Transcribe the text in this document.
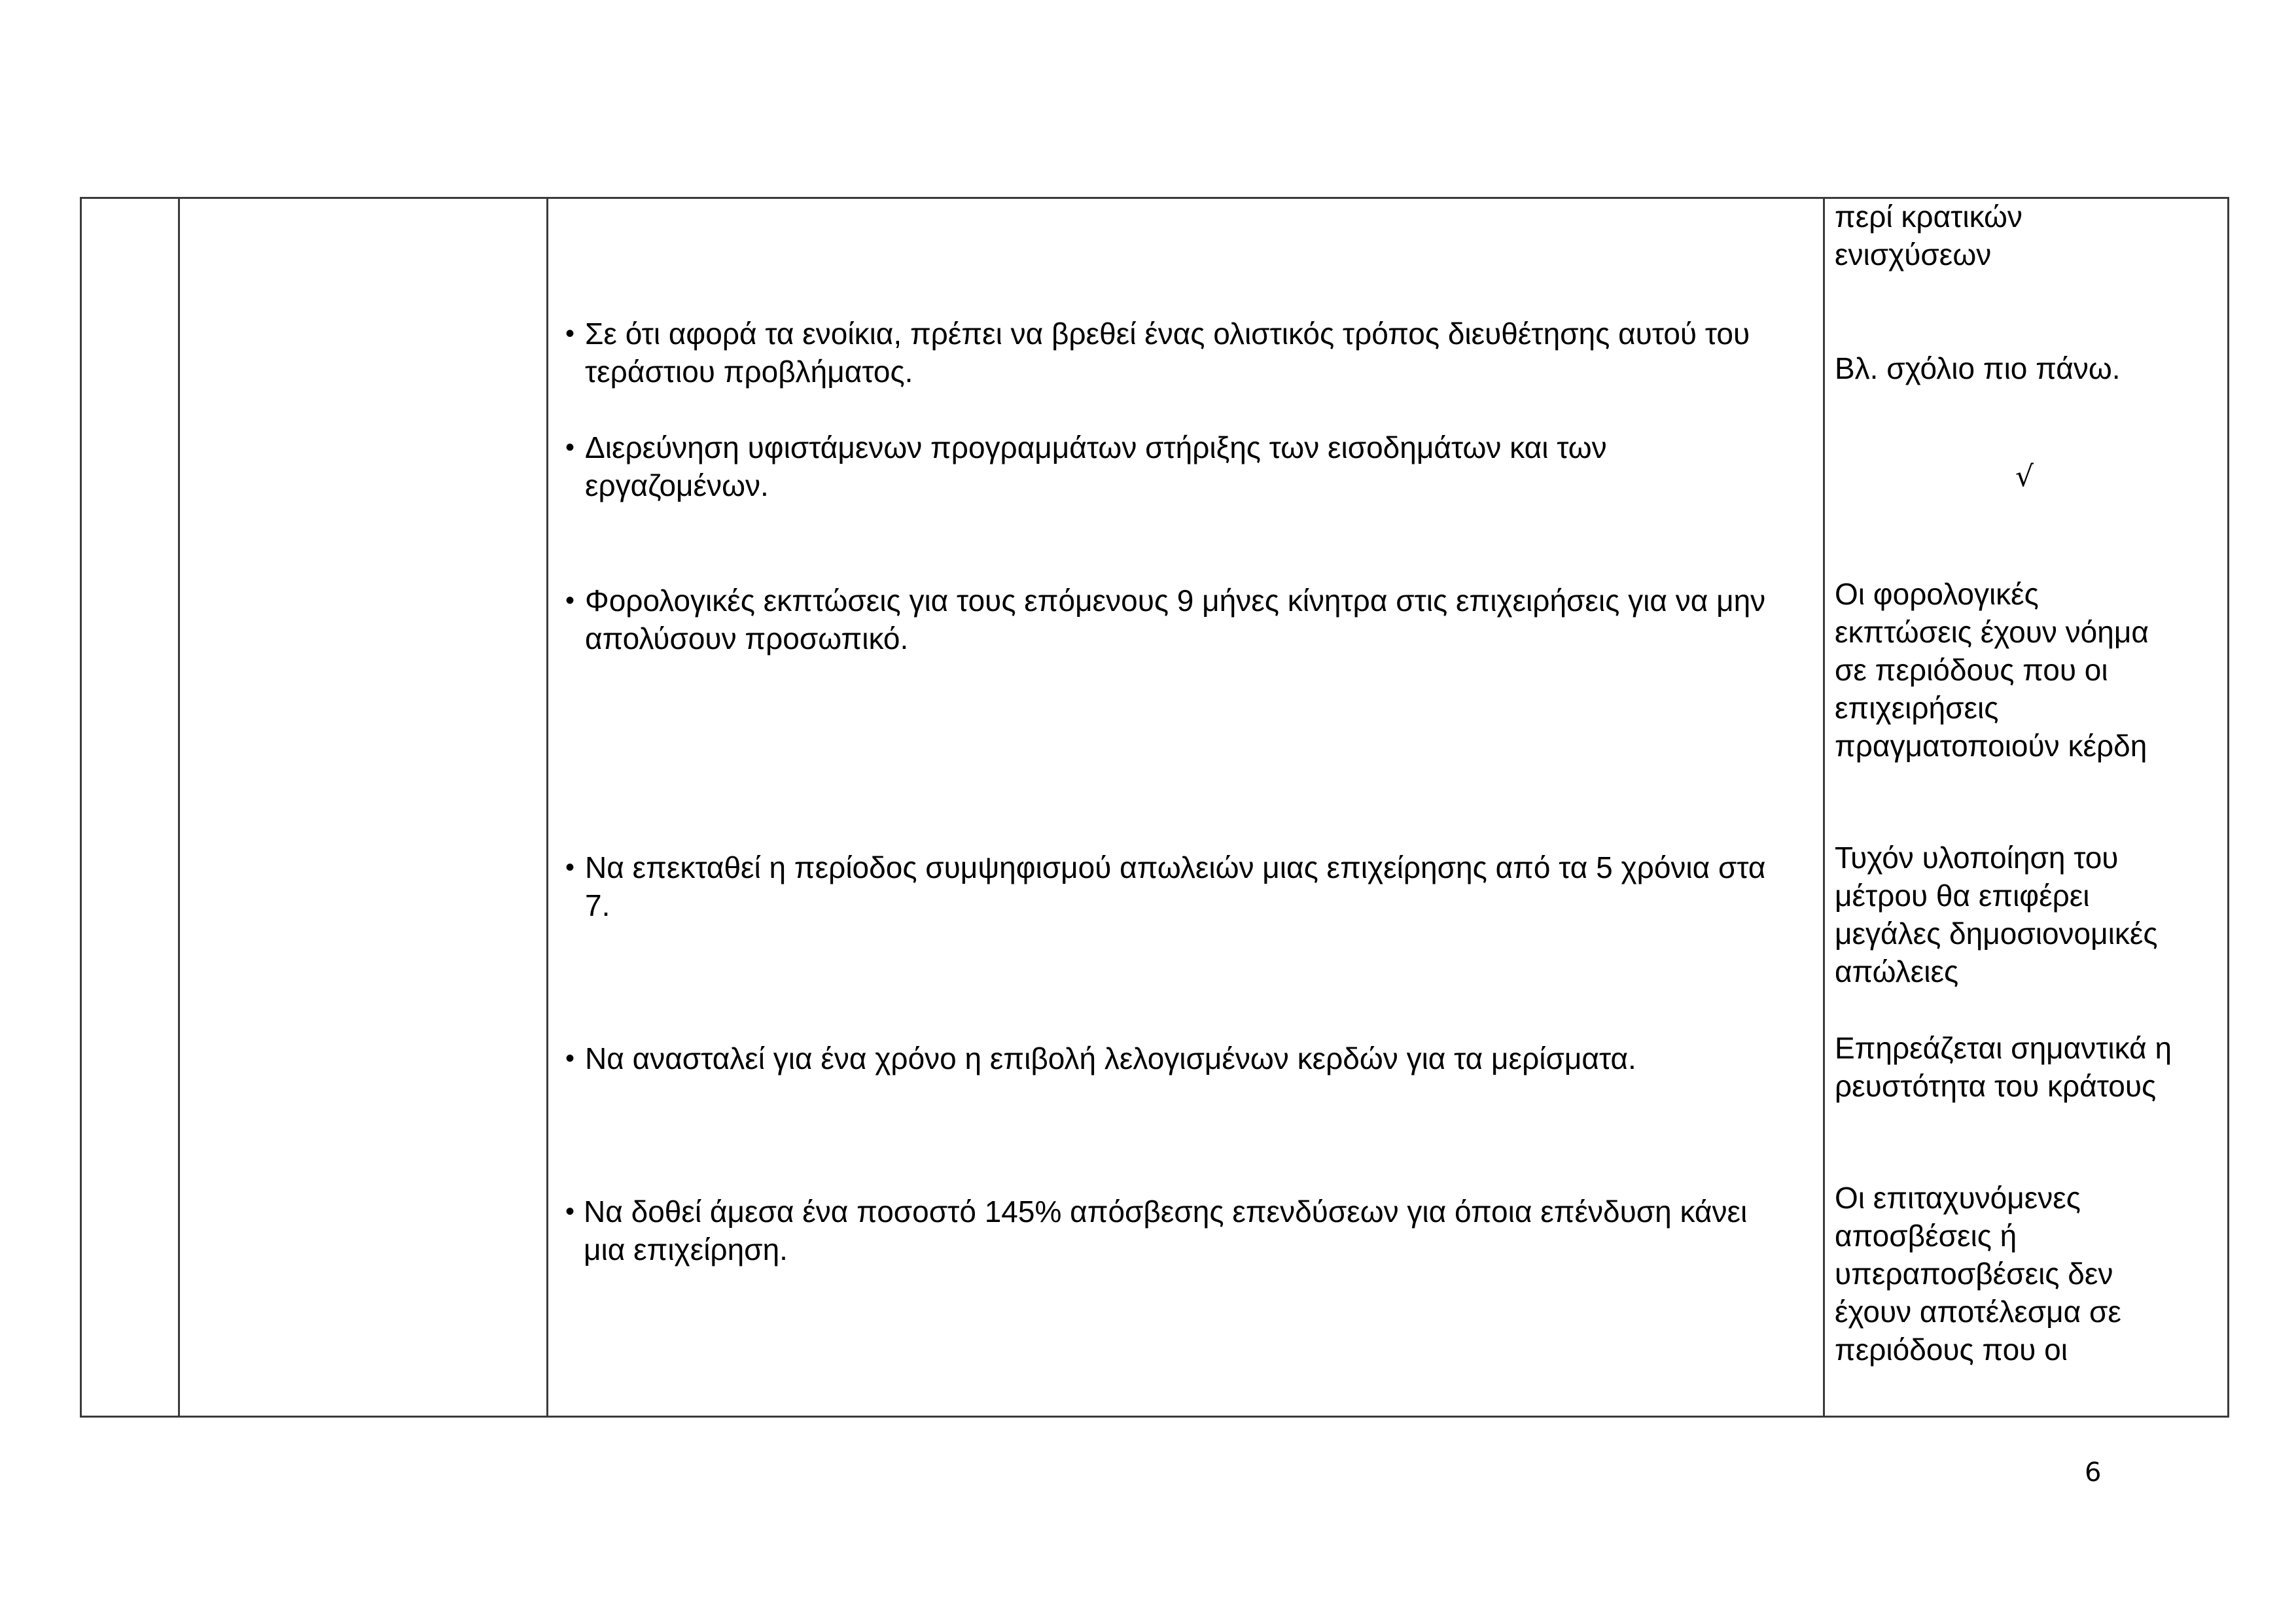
περί κρατικών
ενισχύσεων
Βλ. σχόλιο πιο πάνω.
√
Οι φορολογικές
εκπτώσεις έχουν νόημα
σε περιόδους που οι
επιχειρήσεις
πραγματοποιούν κέρδη
Τυχόν υλοποίηση του
μέτρου θα επιφέρει
μεγάλες δημοσιονομικές
απώλειες
Επηρεάζεται σημαντικά η
ρευστότητα του κράτους
Οι επιταχυνόμενες
αποσβέσεις ή
υπεραποσβέσεις δεν
έχουν αποτέλεσμα σε
περιόδους που οι
• Σε ότι αφορά τα ενοίκια, πρέπει να βρεθεί ένας ολιστικός τρόπος διευθέτησης αυτού του τεράστιου προβλήματος.
• Διερεύνηση υφιστάμενων προγραμμάτων στήριξης των εισοδημάτων και των εργαζομένων.
• Φορολογικές εκπτώσεις για τους επόμενους 9 μήνες κίνητρα στις επιχειρήσεις για να μην απολύσουν προσωπικό.
• Να επεκταθεί η περίοδος συμψηφισμού απωλειών μιας επιχείρησης από τα 5 χρόνια στα 7.
• Να ανασταλεί για ένα χρόνο η επιβολή λελογισμένων κερδών για τα μερίσματα.
• Να δοθεί άμεσα ένα ποσοστό 145% απόσβεσης επενδύσεων για όποια επένδυση κάνει μια επιχείρηση.
6
